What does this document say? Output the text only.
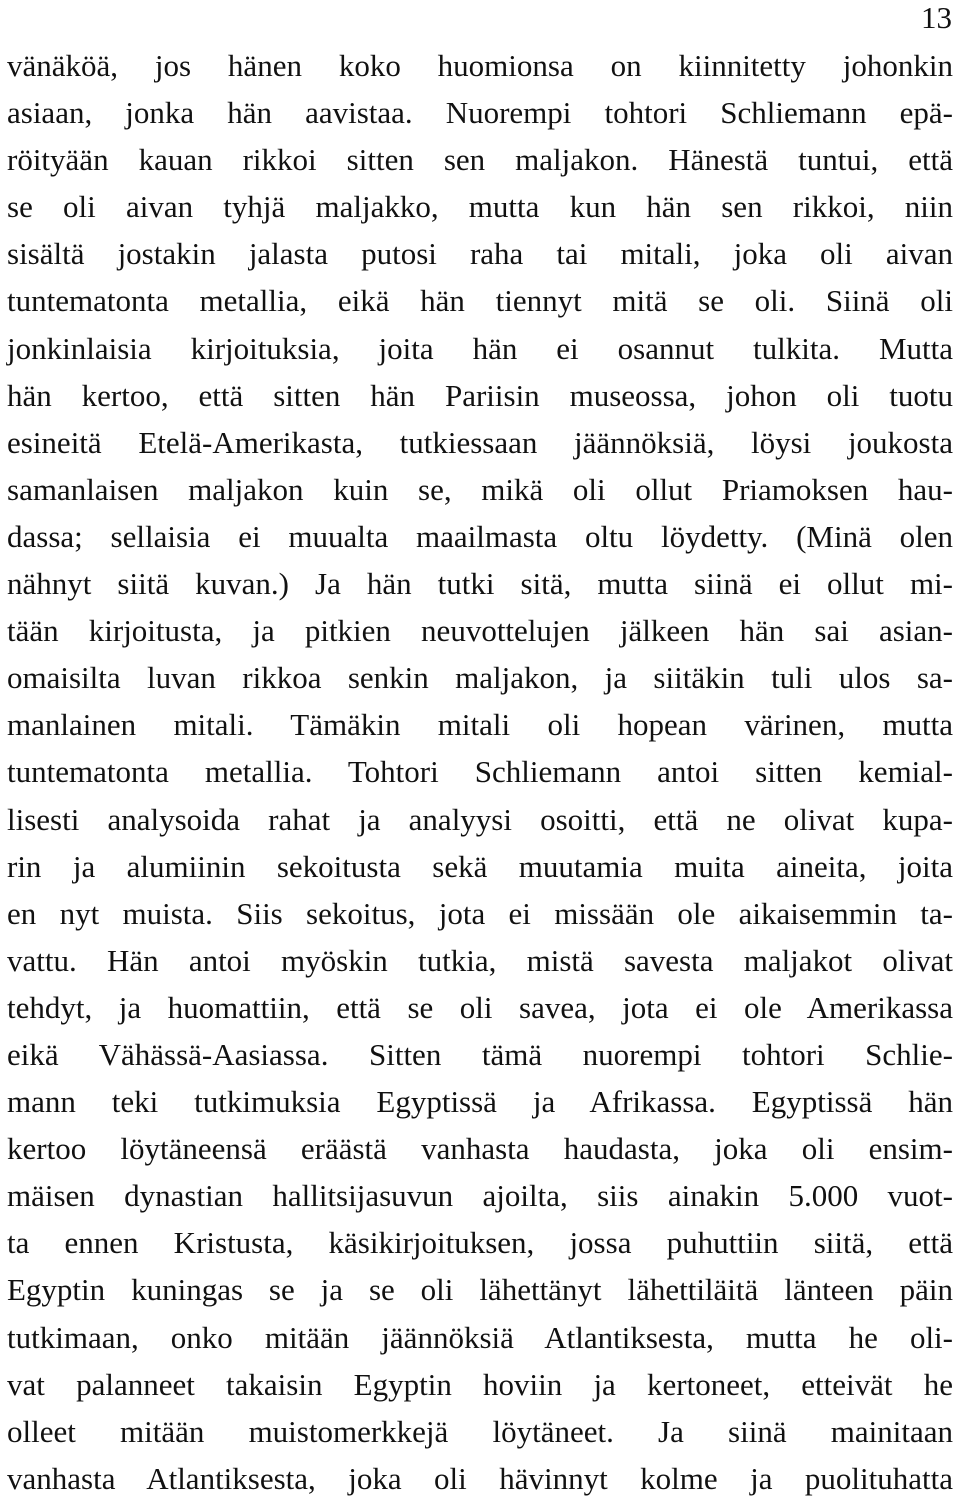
13

vänäköä, jos hänen koko huomionsa on kiinnitetty johonkin
asiaan, jonka hän aavistaa. Nuorempi tohtori Schliemann epä-
röityään kauan rikkoi sitten sen maljakon. Hänestä tuntui, että
se oli aivan tyhjä maljakko, mutta kun hän sen rikkoi, niin
sisältä jostakin jalasta putosi raha tai mitali, joka oli aivan
tuntematonta metallia, eikä hän tiennyt mitä se oli. Siinä oli
jonkinlaisia kirjoituksia, joita hän ei osannut tulkita. Mutta
hän kertoo, että sitten hän Pariisin museossa, johon oli tuotu
esineitä Etelä-Amerikasta, tutkiessaan jäännöksiä, löysi joukosta
samanlaisen maljakon kuin se, mikä oli ollut Priamoksen hau-
dassa; sellaisia ei muualta maailmasta oltu löydetty. (Minä olen
nähnyt siitä kuvan.) Ja hän tutki sitä, mutta siinä ei ollut mi-
tään kirjoitusta, ja pitkien neuvottelujen jälkeen hän sai asian-
omaisilta luvan rikkoa senkin maljakon, ja siitäkin tuli ulos sa-
manlainen mitali. Tämäkin mitali oli hopean värinen, mutta
tuntematonta metallia. Tohtori Schliemann antoi sitten kemial-
lisesti analysoida rahat ja analyysi osoitti, että ne olivat kupa-
rin ja alumiinin sekoitusta sekä muutamia muita aineita, joita
en nyt muista. Siis sekoitus, jota ei missään ole aikaisemmin ta-
vattu. Hän antoi myöskin tutkia, mistä savesta maljakot olivat
tehdyt, ja huomattiin, että se oli savea, jota ei ole Amerikassa
eikä Vähässä-Aasiassa. Sitten tämä nuorempi tohtori Schlie-
mann teki tutkimuksia Egyptissä ja Afrikassa. Egyptissä hän
kertoo löytäneensä eräästä vanhasta haudasta, joka oli ensim-
mäisen dynastian hallitsijasuvun ajoilta, siis ainakin 5.000 vuot-
ta ennen Kristusta, käsikirjoituksen, jossa puhuttiin siitä, että
Egyptin kuningas se ja se oli lähettänyt lähettiläitä länteen päin
tutkimaan, onko mitään jäännöksiä Atlantiksesta, mutta he oli-
vat palanneet takaisin Egyptin hoviin ja kertoneet, etteivät he
olleet mitään muistomerkkejä löytäneet. Ja siinä mainitaan
vanhasta Atlantiksesta, joka oli hävinnyt kolme ja puolituhatta
